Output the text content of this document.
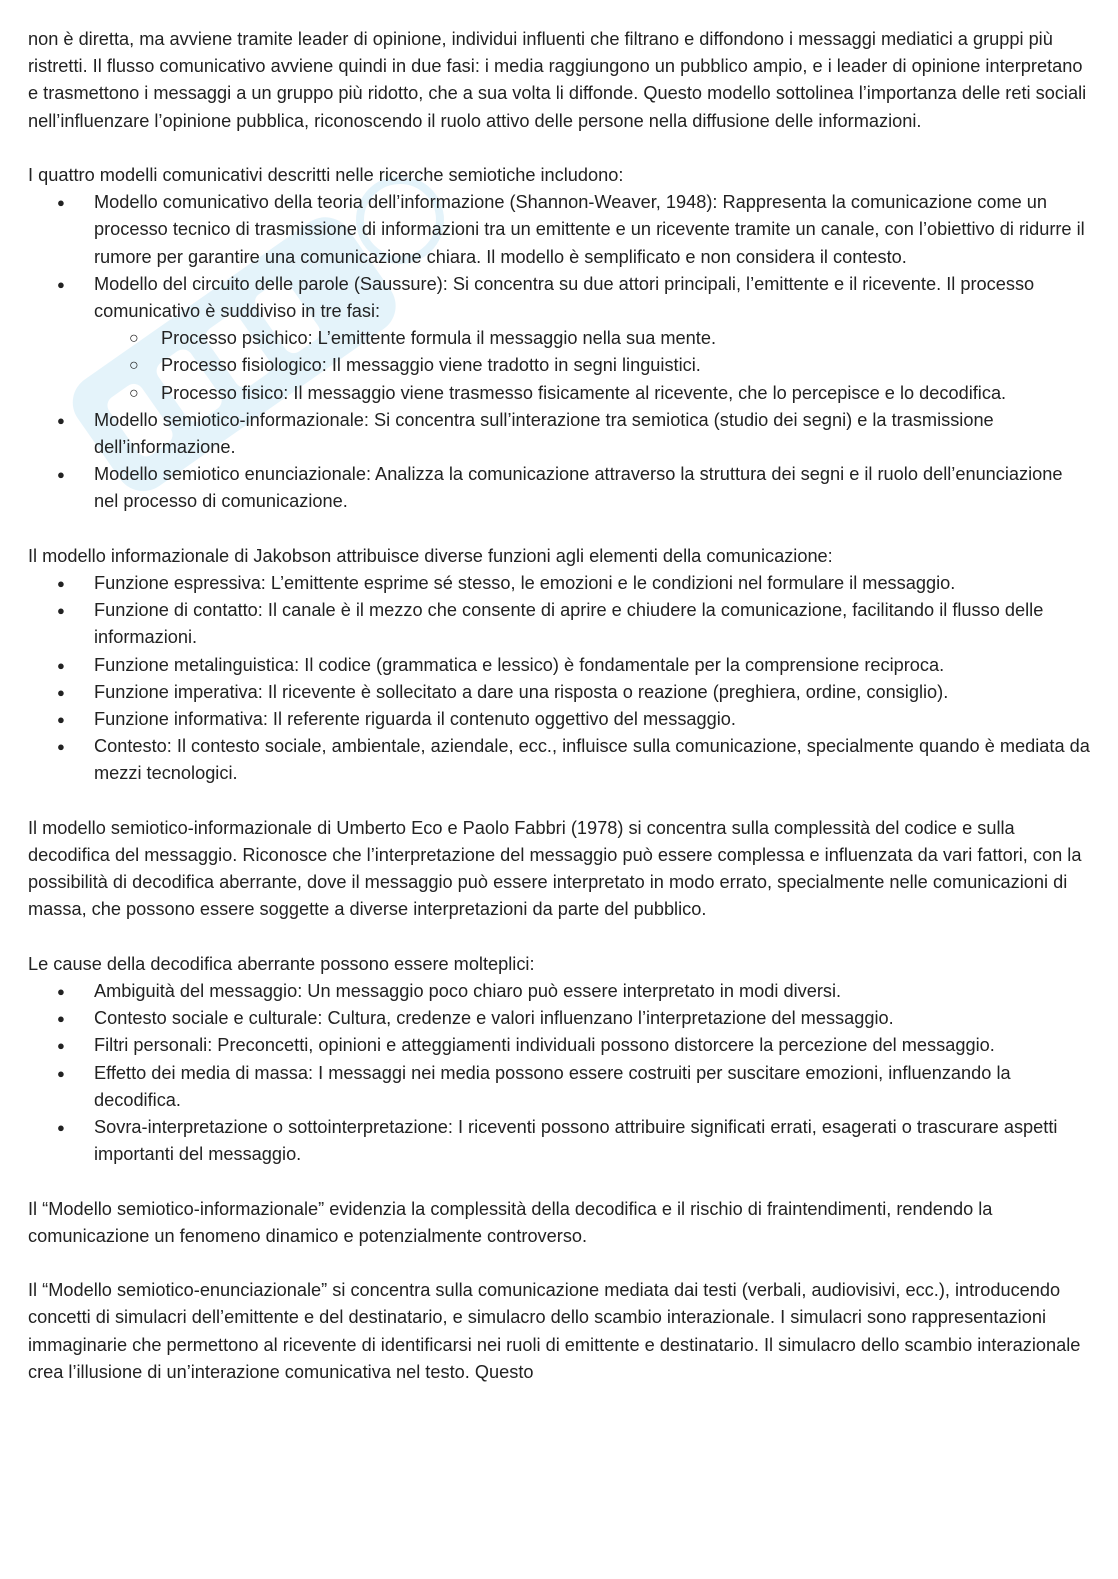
non è diretta, ma avviene tramite leader di opinione, individui influenti che filtrano e diffondono i messaggi mediatici a gruppi più ristretti. Il flusso comunicativo avviene quindi in due fasi: i media raggiungono un pubblico ampio, e i leader di opinione interpretano e trasmettono i messaggi a un gruppo più ridotto, che a sua volta li diffonde. Questo modello sottolinea l’importanza delle reti sociali nell’influenzare l’opinione pubblica, riconoscendo il ruolo attivo delle persone nella diffusione delle informazioni.

I quattro modelli comunicativi descritti nelle ricerche semiotiche includono:

● Modello comunicativo della teoria dell’informazione (Shannon-Weaver, 1948): Rappresenta la comunicazione come un processo tecnico di trasmissione di informazioni tra un emittente e un ricevente tramite un canale, con l’obiettivo di ridurre il rumore per garantire una comunicazione chiara. Il modello è semplificato e non considera il contesto.
● Modello del circuito delle parole (Saussure): Si concentra su due attori principali, l’emittente e il ricevente. Il processo comunicativo è suddiviso in tre fasi:
○ Processo psichico: L’emittente formula il messaggio nella sua mente.
○ Processo fisiologico: Il messaggio viene tradotto in segni linguistici.
○ Processo fisico: Il messaggio viene trasmesso fisicamente al ricevente, che lo percepisce e lo decodifica.
● Modello semiotico-informazionale: Si concentra sull’interazione tra semiotica (studio dei segni) e la trasmissione dell’informazione.
● Modello semiotico enunciazionale: Analizza la comunicazione attraverso la struttura dei segni e il ruolo dell’enunciazione nel processo di comunicazione.

Il modello informazionale di Jakobson attribuisce diverse funzioni agli elementi della comunicazione:

● Funzione espressiva: L’emittente esprime sé stesso, le emozioni e le condizioni nel formulare il messaggio.
● Funzione di contatto: Il canale è il mezzo che consente di aprire e chiudere la comunicazione, facilitando il flusso delle informazioni.
● Funzione metalinguistica: Il codice (grammatica e lessico) è fondamentale per la comprensione reciproca.
● Funzione imperativa: Il ricevente è sollecitato a dare una risposta o reazione (preghiera, ordine, consiglio).
● Funzione informativa: Il referente riguarda il contenuto oggettivo del messaggio.
● Contesto: Il contesto sociale, ambientale, aziendale, ecc., influisce sulla comunicazione, specialmente quando è mediata da mezzi tecnologici.

Il modello semiotico-informazionale di Umberto Eco e Paolo Fabbri (1978) si concentra sulla complessità del codice e sulla decodifica del messaggio. Riconosce che l’interpretazione del messaggio può essere complessa e influenzata da vari fattori, con la possibilità di decodifica aberrante, dove il messaggio può essere interpretato in modo errato, specialmente nelle comunicazioni di massa, che possono essere soggette a diverse interpretazioni da parte del pubblico.

Le cause della decodifica aberrante possono essere molteplici:

● Ambiguità del messaggio: Un messaggio poco chiaro può essere interpretato in modi diversi.
● Contesto sociale e culturale: Cultura, credenze e valori influenzano l’interpretazione del messaggio.
● Filtri personali: Preconcetti, opinioni e atteggiamenti individuali possono distorcere la percezione del messaggio.
● Effetto dei media di massa: I messaggi nei media possono essere costruiti per suscitare emozioni, influenzando la decodifica.
● Sovra-interpretazione o sottointerpretazione: I riceventi possono attribuire significati errati, esagerati o trascurare aspetti importanti del messaggio.

Il “Modello semiotico-informazionale” evidenzia la complessità della decodifica e il rischio di fraintendimenti, rendendo la comunicazione un fenomeno dinamico e potenzialmente controverso.

Il “Modello semiotico-enunciazionale” si concentra sulla comunicazione mediata dai testi (verbali, audiovisivi, ecc.), introducendo concetti di simulacri dell’emittente e del destinatario, e simulacro dello scambio interazionale. I simulacri sono rappresentazioni immaginarie che permettono al ricevente di identificarsi nei ruoli di emittente e destinatario. Il simulacro dello scambio interazionale crea l’illusione di un’interazione comunicativa nel testo. Questo
